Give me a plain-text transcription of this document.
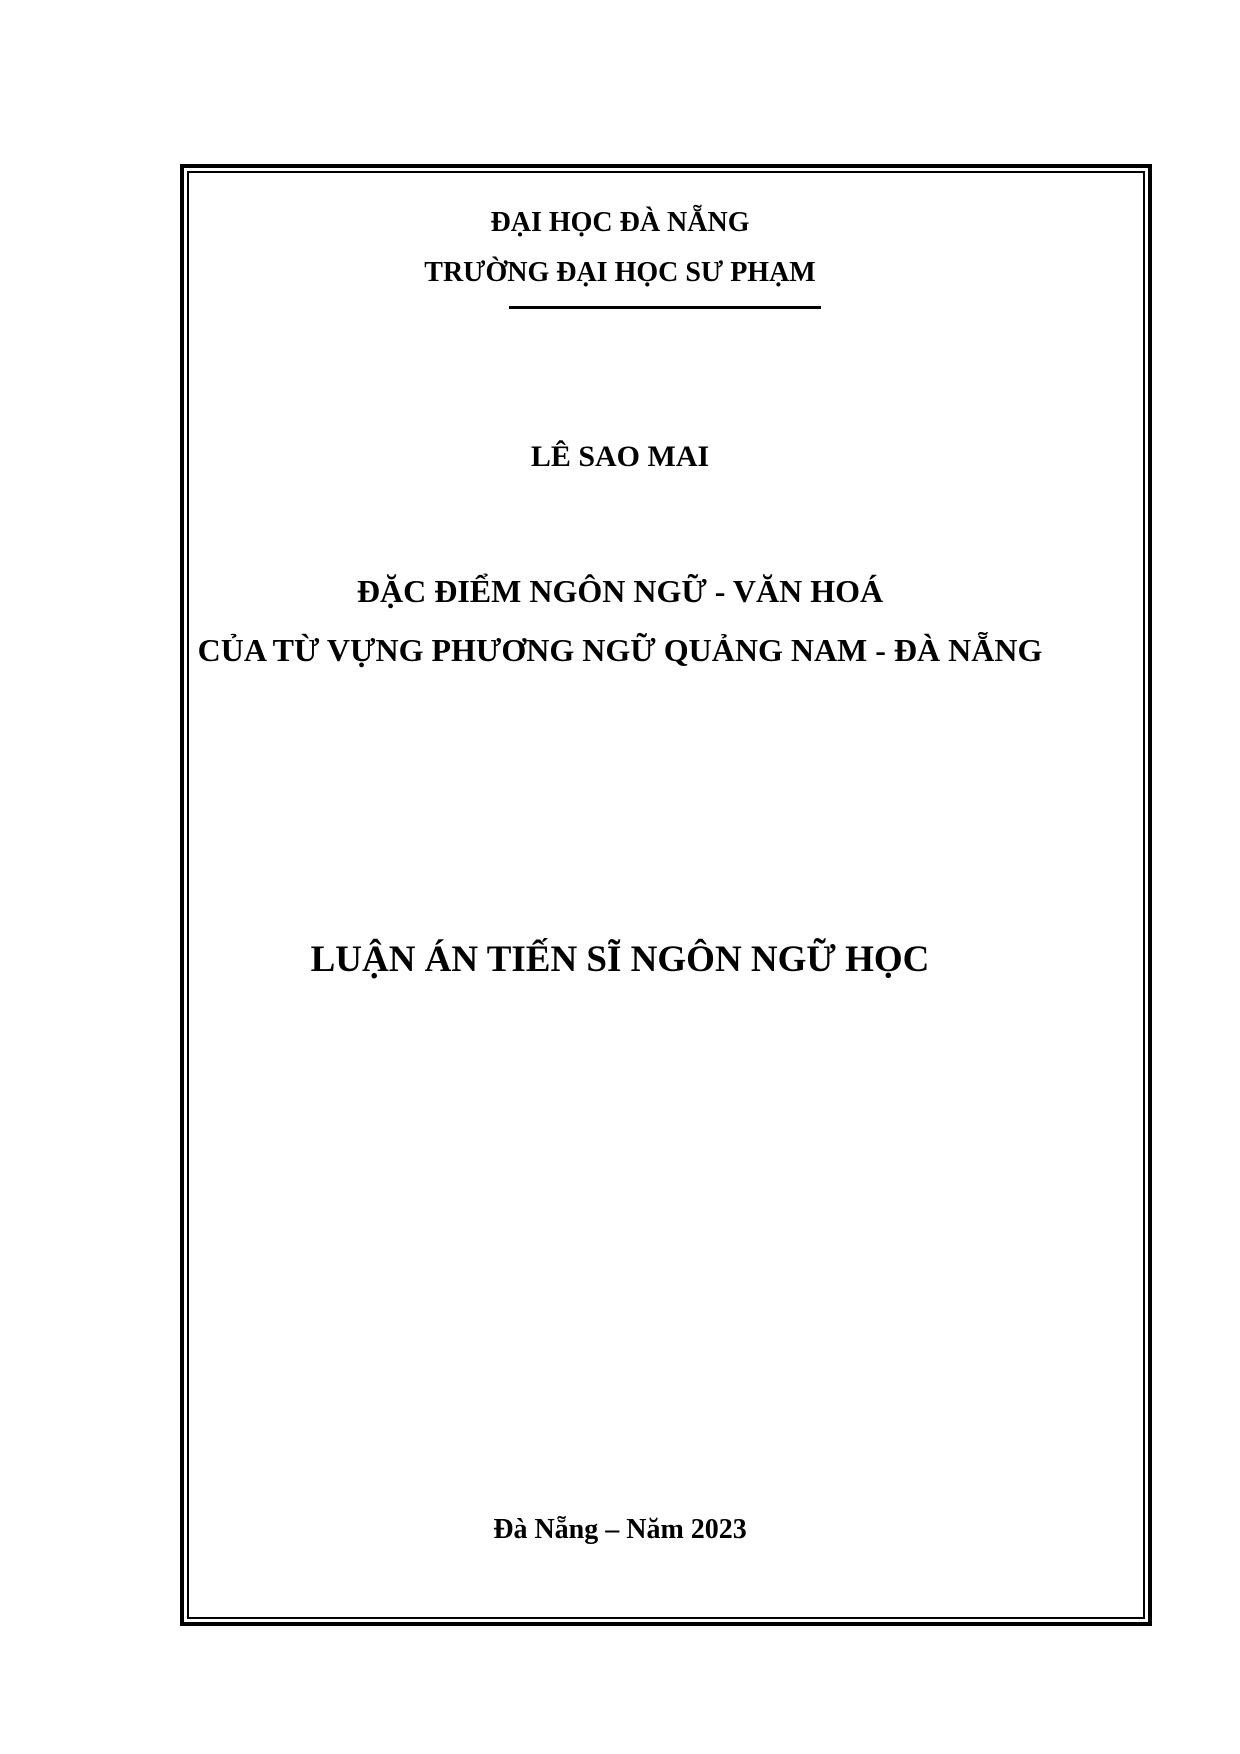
ĐẠI HỌC ĐÀ NẴNG
TRƯỜNG ĐẠI HỌC SƯ PHẠM
LÊ SAO MAI
ĐẶC ĐIỂM NGÔN NGỮ - VĂN HOÁ
CỦA TỪ VỰNG PHƯƠNG NGỮ QUẢNG NAM - ĐÀ NẴNG
LUẬN ÁN TIẾN SĨ NGÔN NGỮ HỌC
Đà Nẵng – Năm 2023
